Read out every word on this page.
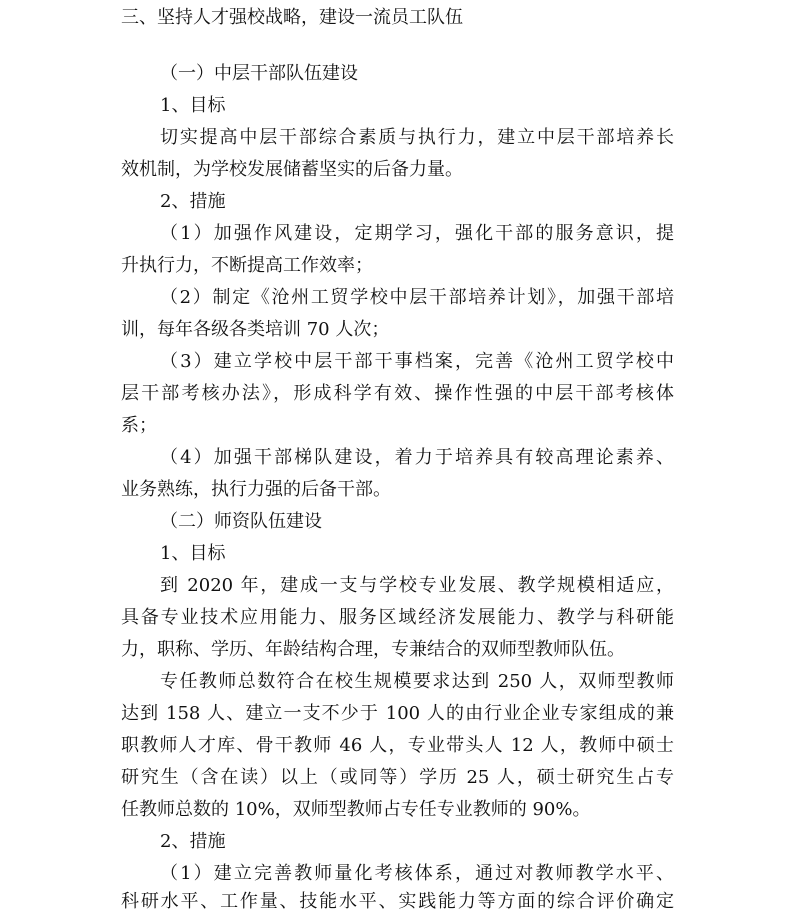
三、坚持人才强校战略，建设一流员工队伍
（一）中层干部队伍建设
1、目标
切实提高中层干部综合素质与执行力，建立中层干部培养长
效机制，为学校发展储蓄坚实的后备力量。
2、措施
（1）加强作风建设，定期学习，强化干部的服务意识，提
升执行力，不断提高工作效率；
（2）制定《沧州工贸学校中层干部培养计划》，加强干部培
训，每年各级各类培训 70 人次；
（3）建立学校中层干部干事档案，完善《沧州工贸学校中
层干部考核办法》，形成科学有效、操作性强的中层干部考核体
系；
（4）加强干部梯队建设，着力于培养具有较高理论素养、
业务熟练，执行力强的后备干部。
（二）师资队伍建设
1、目标
到 2020 年，建成一支与学校专业发展、教学规模相适应，
具备专业技术应用能力、服务区域经济发展能力、教学与科研能
力，职称、学历、年龄结构合理，专兼结合的双师型教师队伍。
专任教师总数符合在校生规模要求达到 250 人，双师型教师
达到 158 人、建立一支不少于 100 人的由行业企业专家组成的兼
职教师人才库、骨干教师 46 人，专业带头人 12 人，教师中硕士
研究生（含在读）以上（或同等）学历 25 人，硕士研究生占专
任教师总数的 10%，双师型教师占专任专业教师的 90%。
2、措施
（1）建立完善教师量化考核体系，通过对教师教学水平、
科研水平、工作量、技能水平、实践能力等方面的综合评价确定
